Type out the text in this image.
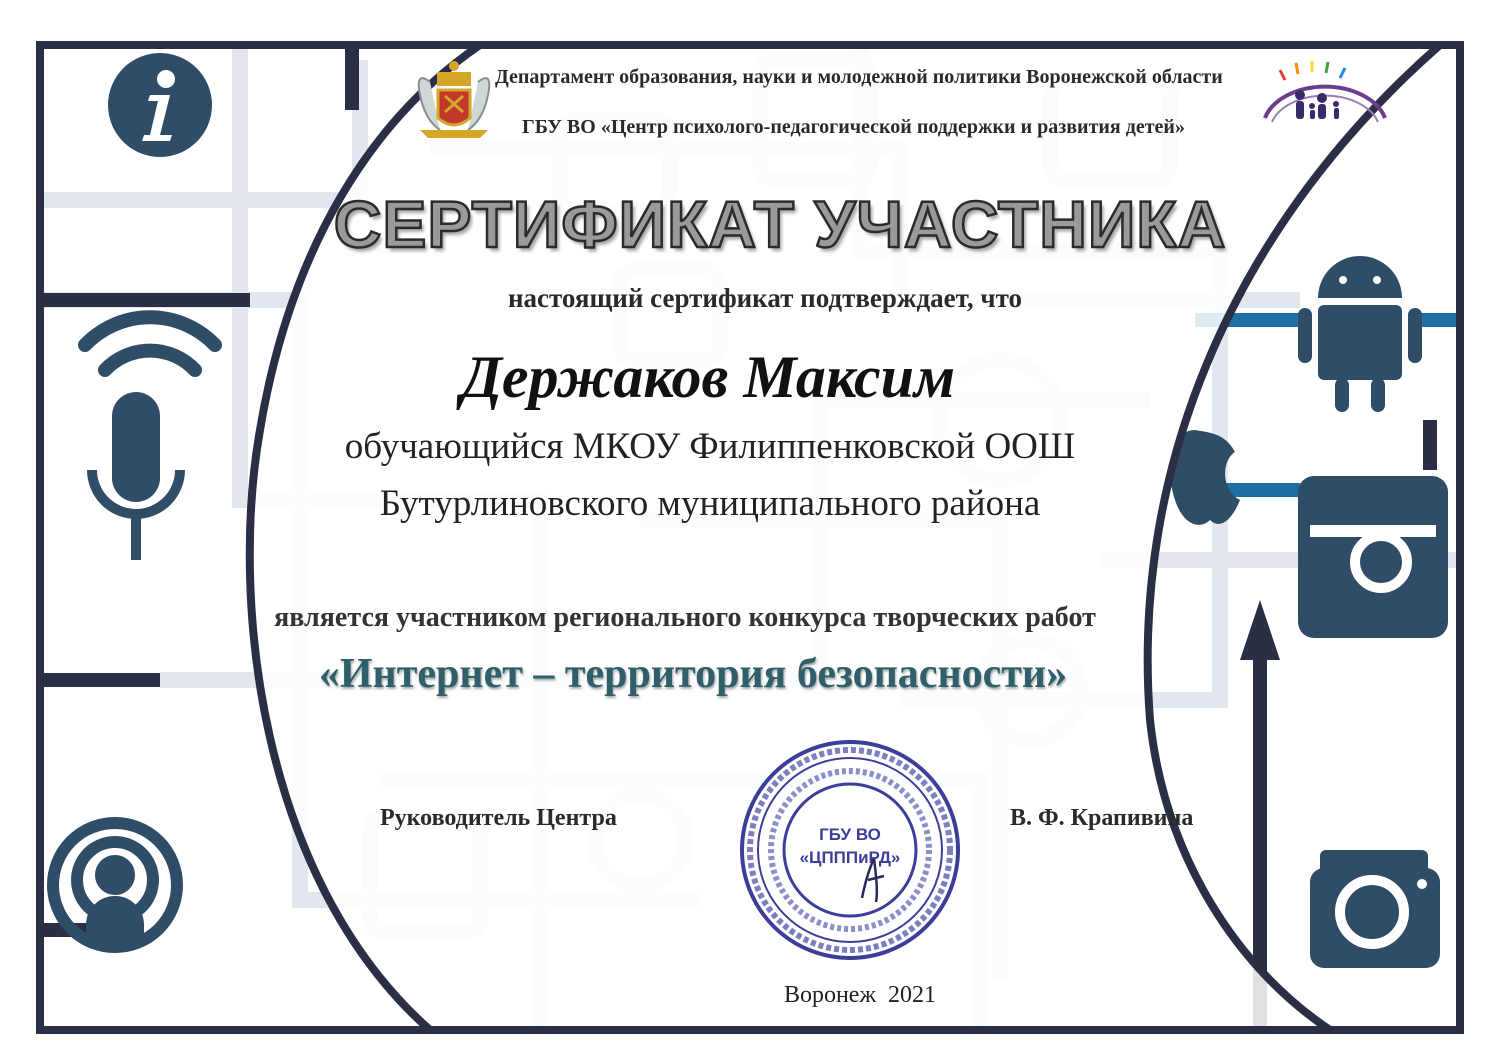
Департамент образования, науки и молодежной политики Воронежской области
ГБУ ВО «Центр психолого-педагогической поддержки и развития детей»
СЕРТИФИКАТ УЧАСТНИКА
настоящий сертификат подтверждает, что
Держаков Максим
обучающийся МКОУ Филиппенковской ООШ
Бутурлиновского муниципального района
является участником регионального конкурса творческих работ
«Интернет – территория безопасности»
Руководитель Центра	В. Ф. Крапивина
ГБУ ВО
«ЦПППиРД»
Воронеж  2021
